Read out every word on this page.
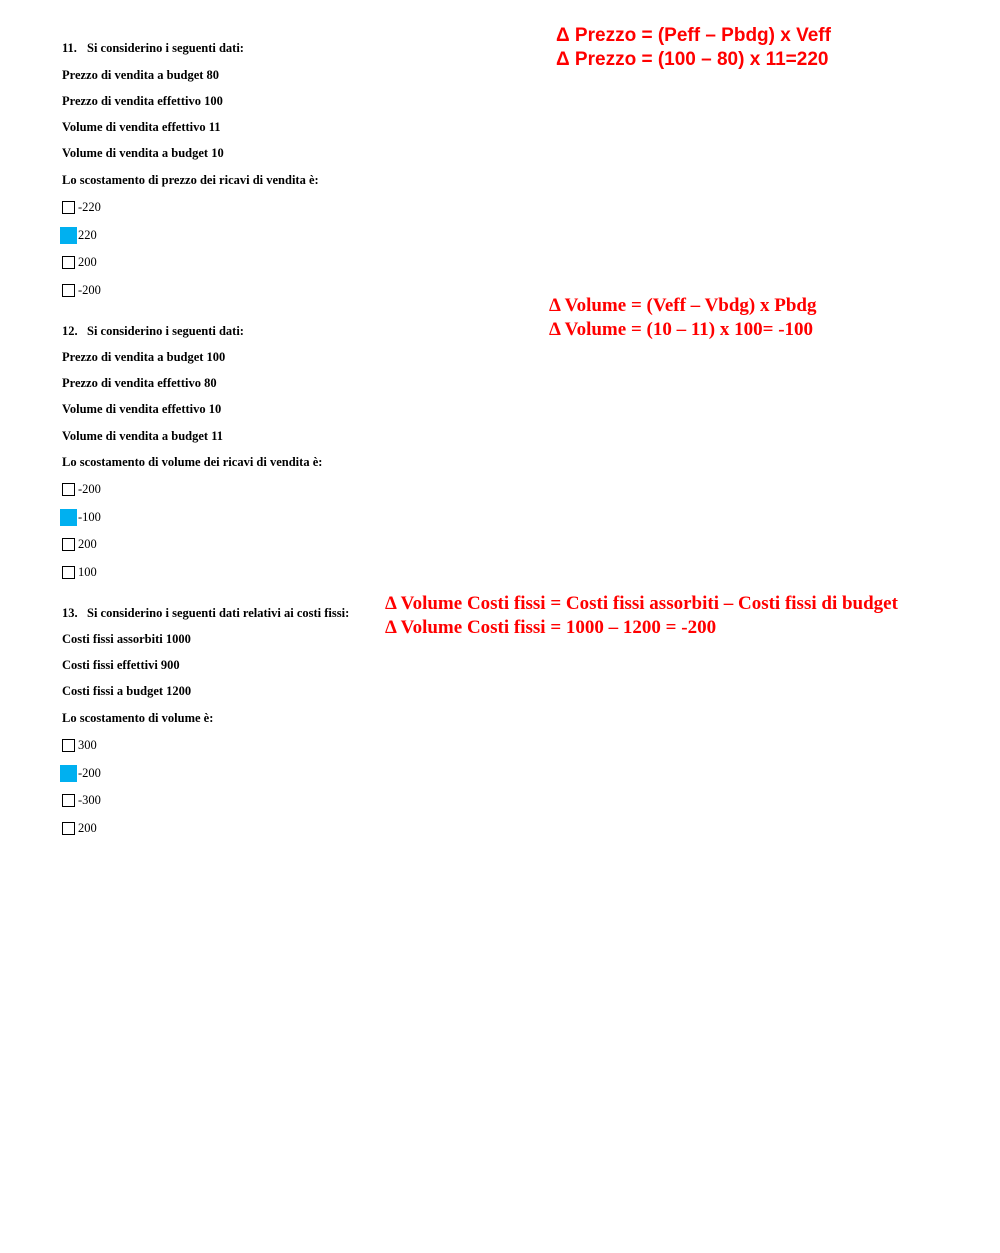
11. Si considerino i seguenti dati:
Prezzo di vendita a budget 80
Prezzo di vendita effettivo 100
Volume di vendita effettivo 11
Volume di vendita a budget 10
Lo scostamento di prezzo dei ricavi di vendita è:
-220
220
200
-200
12. Si considerino i seguenti dati:
Prezzo di vendita a budget 100
Prezzo di vendita effettivo 80
Volume di vendita effettivo 10
Volume di vendita a budget 11
Lo scostamento di volume dei ricavi di vendita è:
-200
-100
200
100
13. Si considerino i seguenti dati relativi ai costi fissi:
Costi fissi assorbiti 1000
Costi fissi effettivi 900
Costi fissi a budget 1200
Lo scostamento di volume è:
300
-200
-300
200
Δ Prezzo = (Peff – Pbdg) x Veff
Δ Prezzo = (100 – 80) x 11=220
Δ Volume = (Veff – Vbdg) x Pbdg
Δ Volume = (10 – 11) x 100= -100
Δ Volume Costi fissi = Costi fissi assorbiti – Costi fissi di budget
Δ Volume Costi fissi = 1000 – 1200 = -200
